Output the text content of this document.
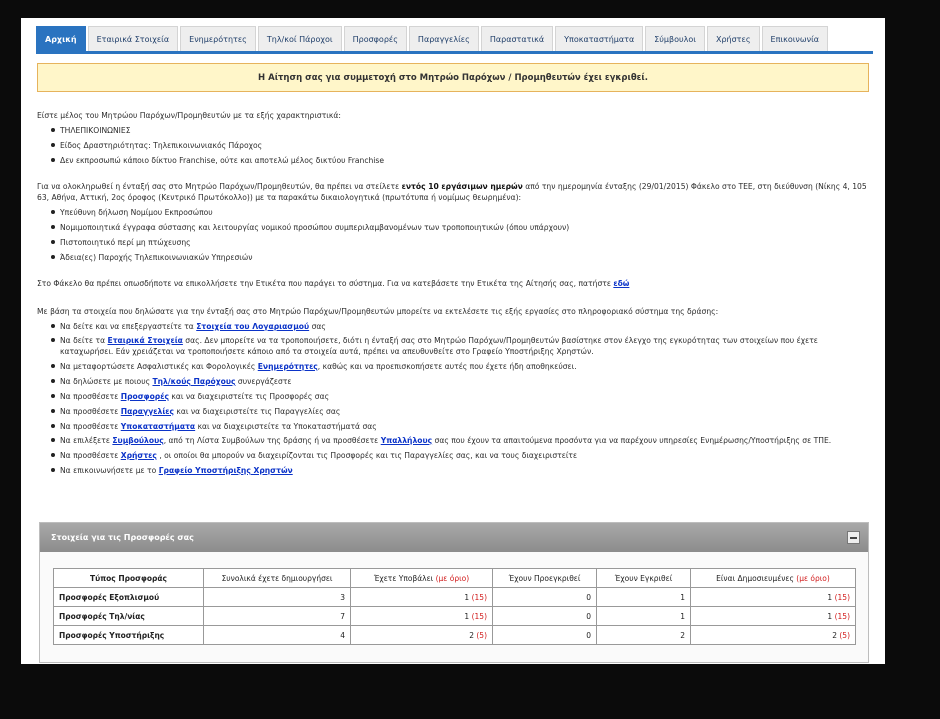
Αρχική	Εταιρικά Στοιχεία	Ενημερότητες	Τηλ/κοί Πάροχοι	Προσφορές	Παραγγελίες	Παραστατικά	Υποκαταστήματα	Σύμβουλοι	Χρήστες	Επικοινωνία
Η Αίτηση σας για συμμετοχή στο Μητρώο Παρόχων / Προμηθευτών έχει εγκριθεί.

Είστε μέλος του Μητρώου Παρόχων/Προμηθευτών με τα εξής χαρακτηριστικά:

ΤΗΛΕΠΙΚΟΙΝΩΝΙΕΣ
Είδος Δραστηριότητας: Τηλεπικοινωνιακός Πάροχος
Δεν εκπροσωπώ κάποιο δίκτυο Franchise, ούτε και αποτελώ μέλος δικτύου Franchise

Για να ολοκληρωθεί η ένταξή σας στο Μητρώο Παρόχων/Προμηθευτών, θα πρέπει να στείλετε εντός 10 εργάσιμων ημερών από την ημερομηνία ένταξης (29/01/2015) Φάκελο στο ΤΕΕ, στη διεύθυνση (Νίκης 4, 105 63, Αθήνα, Αττική, 2ος όροφος (Κεντρικό Πρωτόκολλο)) με τα παρακάτω δικαιολογητικά (πρωτότυπα ή νομίμως θεωρημένα):

Υπεύθυνη δήλωση Νομίμου Εκπροσώπου
Νομιμοποιητικά έγγραφα σύστασης και λειτουργίας νομικού προσώπου συμπεριλαμβανομένων των τροποποιητικών (όπου υπάρχουν)
Πιστοποιητικό περί μη πτώχευσης
Άδεια(ες) Παροχής Τηλεπικοινωνιακών Υπηρεσιών

Στο Φάκελο θα πρέπει οπωσδήποτε να επικολλήσετε την Ετικέτα που παράγει το σύστημα. Για να κατεβάσετε την Ετικέτα της Αίτησής σας, πατήστε εδώ

Με βάση τα στοιχεία που δηλώσατε για την ένταξή σας στο Μητρώο Παρόχων/Προμηθευτών μπορείτε να εκτελέσετε τις εξής εργασίες στο πληροφοριακό σύστημα της δράσης:

Να δείτε και να επεξεργαστείτε τα Στοιχεία του Λογαριασμού σας
Να δείτε τα Εταιρικά Στοιχεία σας. Δεν μπορείτε να τα τροποποιήσετε, διότι η ένταξή σας στο Μητρώο Παρόχων/Προμηθευτών βασίστηκε στον έλεγχο της εγκυρότητας των στοιχείων που έχετε καταχωρήσει. Εάν χρειάζεται να τροποποιήσετε κάποιο από τα στοιχεία αυτά, πρέπει να απευθυνθείτε στο Γραφείο Υποστήριξης Χρηστών.
Να μεταφορτώσετε Ασφαλιστικές και Φορολογικές Ενημερότητες, καθώς και να προεπισκοπήσετε αυτές που έχετε ήδη αποθηκεύσει.
Να δηλώσετε με ποιους Τηλ/κούς Παρόχους συνεργάζεστε
Να προσθέσετε Προσφορές και να διαχειριστείτε τις Προσφορές σας
Να προσθέσετε Παραγγελίες και να διαχειριστείτε τις Παραγγελίες σας
Να προσθέσετε Υποκαταστήματα και να διαχειριστείτε τα Υποκαταστήματά σας
Να επιλέξετε Συμβούλους, από τη Λίστα Συμβούλων της δράσης ή να προσθέσετε Υπαλλήλους σας που έχουν τα απαιτούμενα προσόντα για να παρέχουν υπηρεσίες Ενημέρωσης/Υποστήριξης σε ΤΠΕ.
Να προσθέσετε Χρήστες , οι οποίοι θα μπορούν να διαχειρίζονται τις Προσφορές και τις Παραγγελίες σας, και να τους διαχειριστείτε
Να επικοινωνήσετε με το Γραφείο Υποστήριξης Χρηστών
Στοιχεία για τις Προσφορές σας
Τύπος Προσφοράς	Συνολικά έχετε δημιουργήσει	Έχετε Υποβάλει (με όριο)	Έχουν Προεγκριθεί	Έχουν Εγκριθεί	Είναι Δημοσιευμένες (με όριο)
Προσφορές Εξοπλισμού	3	1 (15)	0	1	1 (15)
Προσφορές Τηλ/νίας	7	1 (15)	0	1	1 (15)
Προσφορές Υποστήριξης	4	2 (5)	0	2	2 (5)
